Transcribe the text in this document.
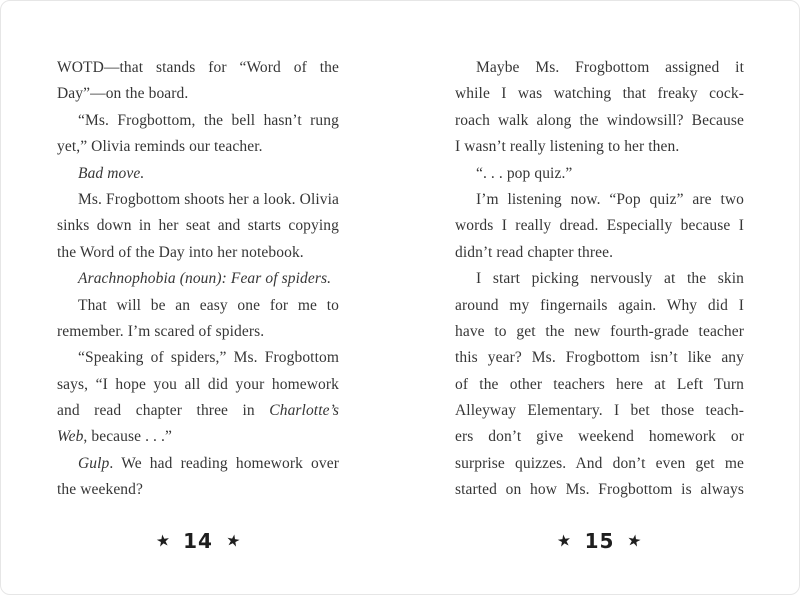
WOTD—that stands for “Word of the
Day”—on the board.
“Ms. Frogbottom, the bell hasn’t rung
yet,” Olivia reminds our teacher.
Bad move.
Ms. Frogbottom shoots her a look. Olivia
sinks down in her seat and starts copying
the Word of the Day into her notebook.
Arachnophobia (noun): Fear of spiders.
That will be an easy one for me to
remember. I’m scared of spiders.
“Speaking of spiders,” Ms. Frogbottom
says, “I hope you all did your homework
and read chapter three in Charlotte’s
Web, because . . .”
Gulp. We had reading homework over
the weekend?
Maybe Ms. Frogbottom assigned it
while I was watching that freaky cock-
roach walk along the windowsill? Because
I wasn’t really listening to her then.
“. . . pop quiz.”
I’m listening now. “Pop quiz” are two
words I really dread. Especially because I
didn’t read chapter three.
I start picking nervously at the skin
around my fingernails again. Why did I
have to get the new fourth-grade teacher
this year? Ms. Frogbottom isn’t like any
of the other teachers here at Left Turn
Alleyway Elementary. I bet those teach-
ers don’t give weekend homework or
surprise quizzes. And don’t even get me
started on how Ms. Frogbottom is always
★ 14 ★	★ 15 ★
